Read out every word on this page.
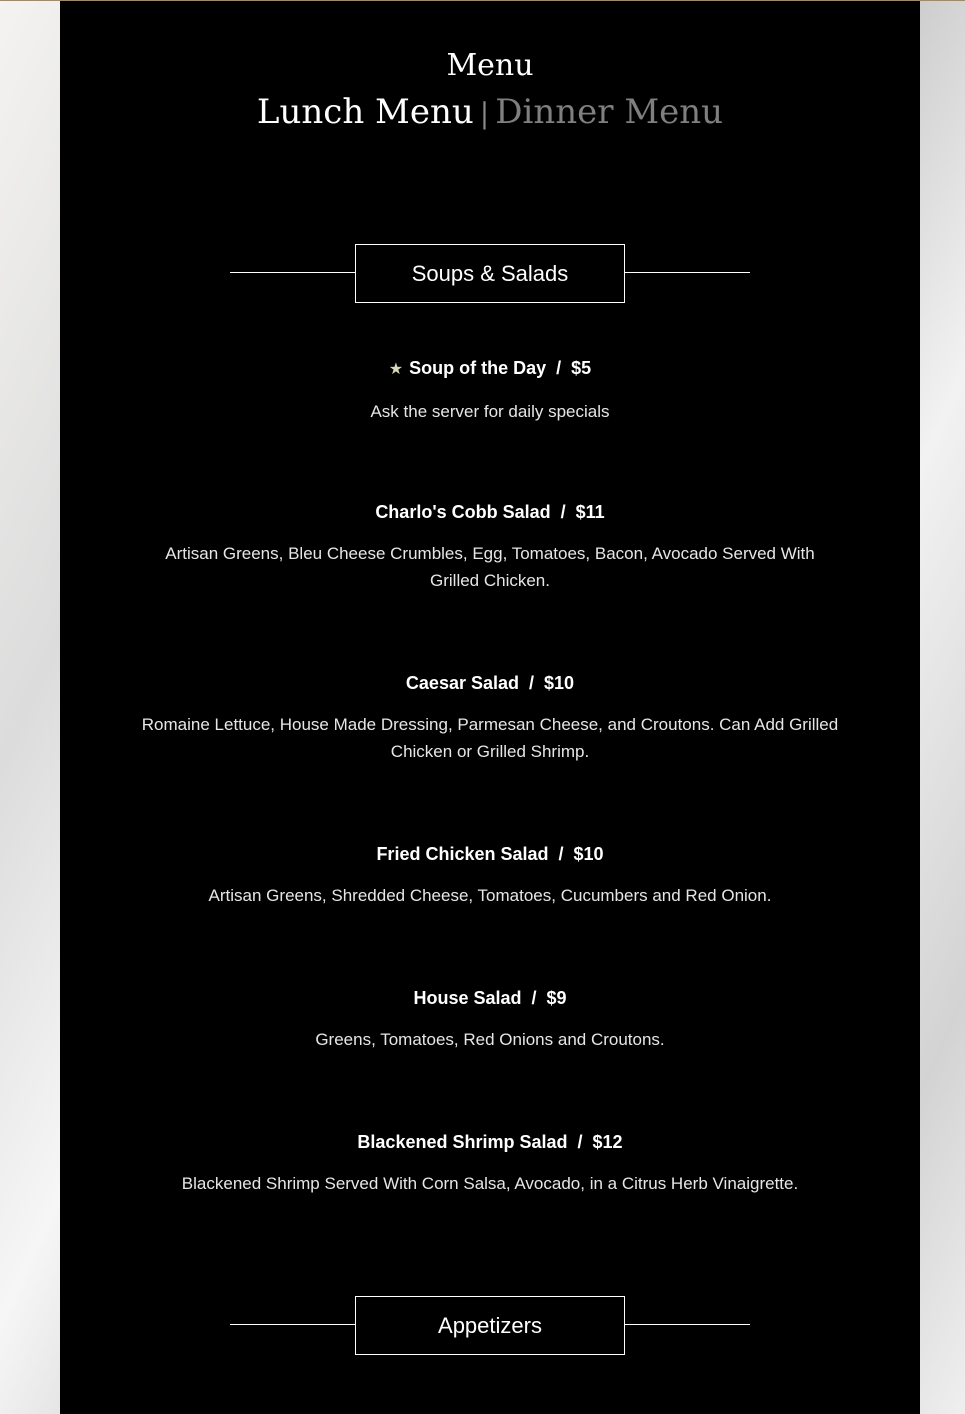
Menu
Lunch Menu | Dinner Menu
Soups & Salads
★ Soup of the Day / $5
Ask the server for daily specials
Charlo's Cobb Salad / $11
Artisan Greens, Bleu Cheese Crumbles, Egg, Tomatoes, Bacon, Avocado Served With Grilled Chicken.
Caesar Salad / $10
Romaine Lettuce, House Made Dressing, Parmesan Cheese, and Croutons. Can Add Grilled Chicken or Grilled Shrimp.
Fried Chicken Salad / $10
Artisan Greens, Shredded Cheese, Tomatoes, Cucumbers and Red Onion.
House Salad / $9
Greens, Tomatoes, Red Onions and Croutons.
Blackened Shrimp Salad / $12
Blackened Shrimp Served With Corn Salsa, Avocado, in a Citrus Herb Vinaigrette.
Appetizers
